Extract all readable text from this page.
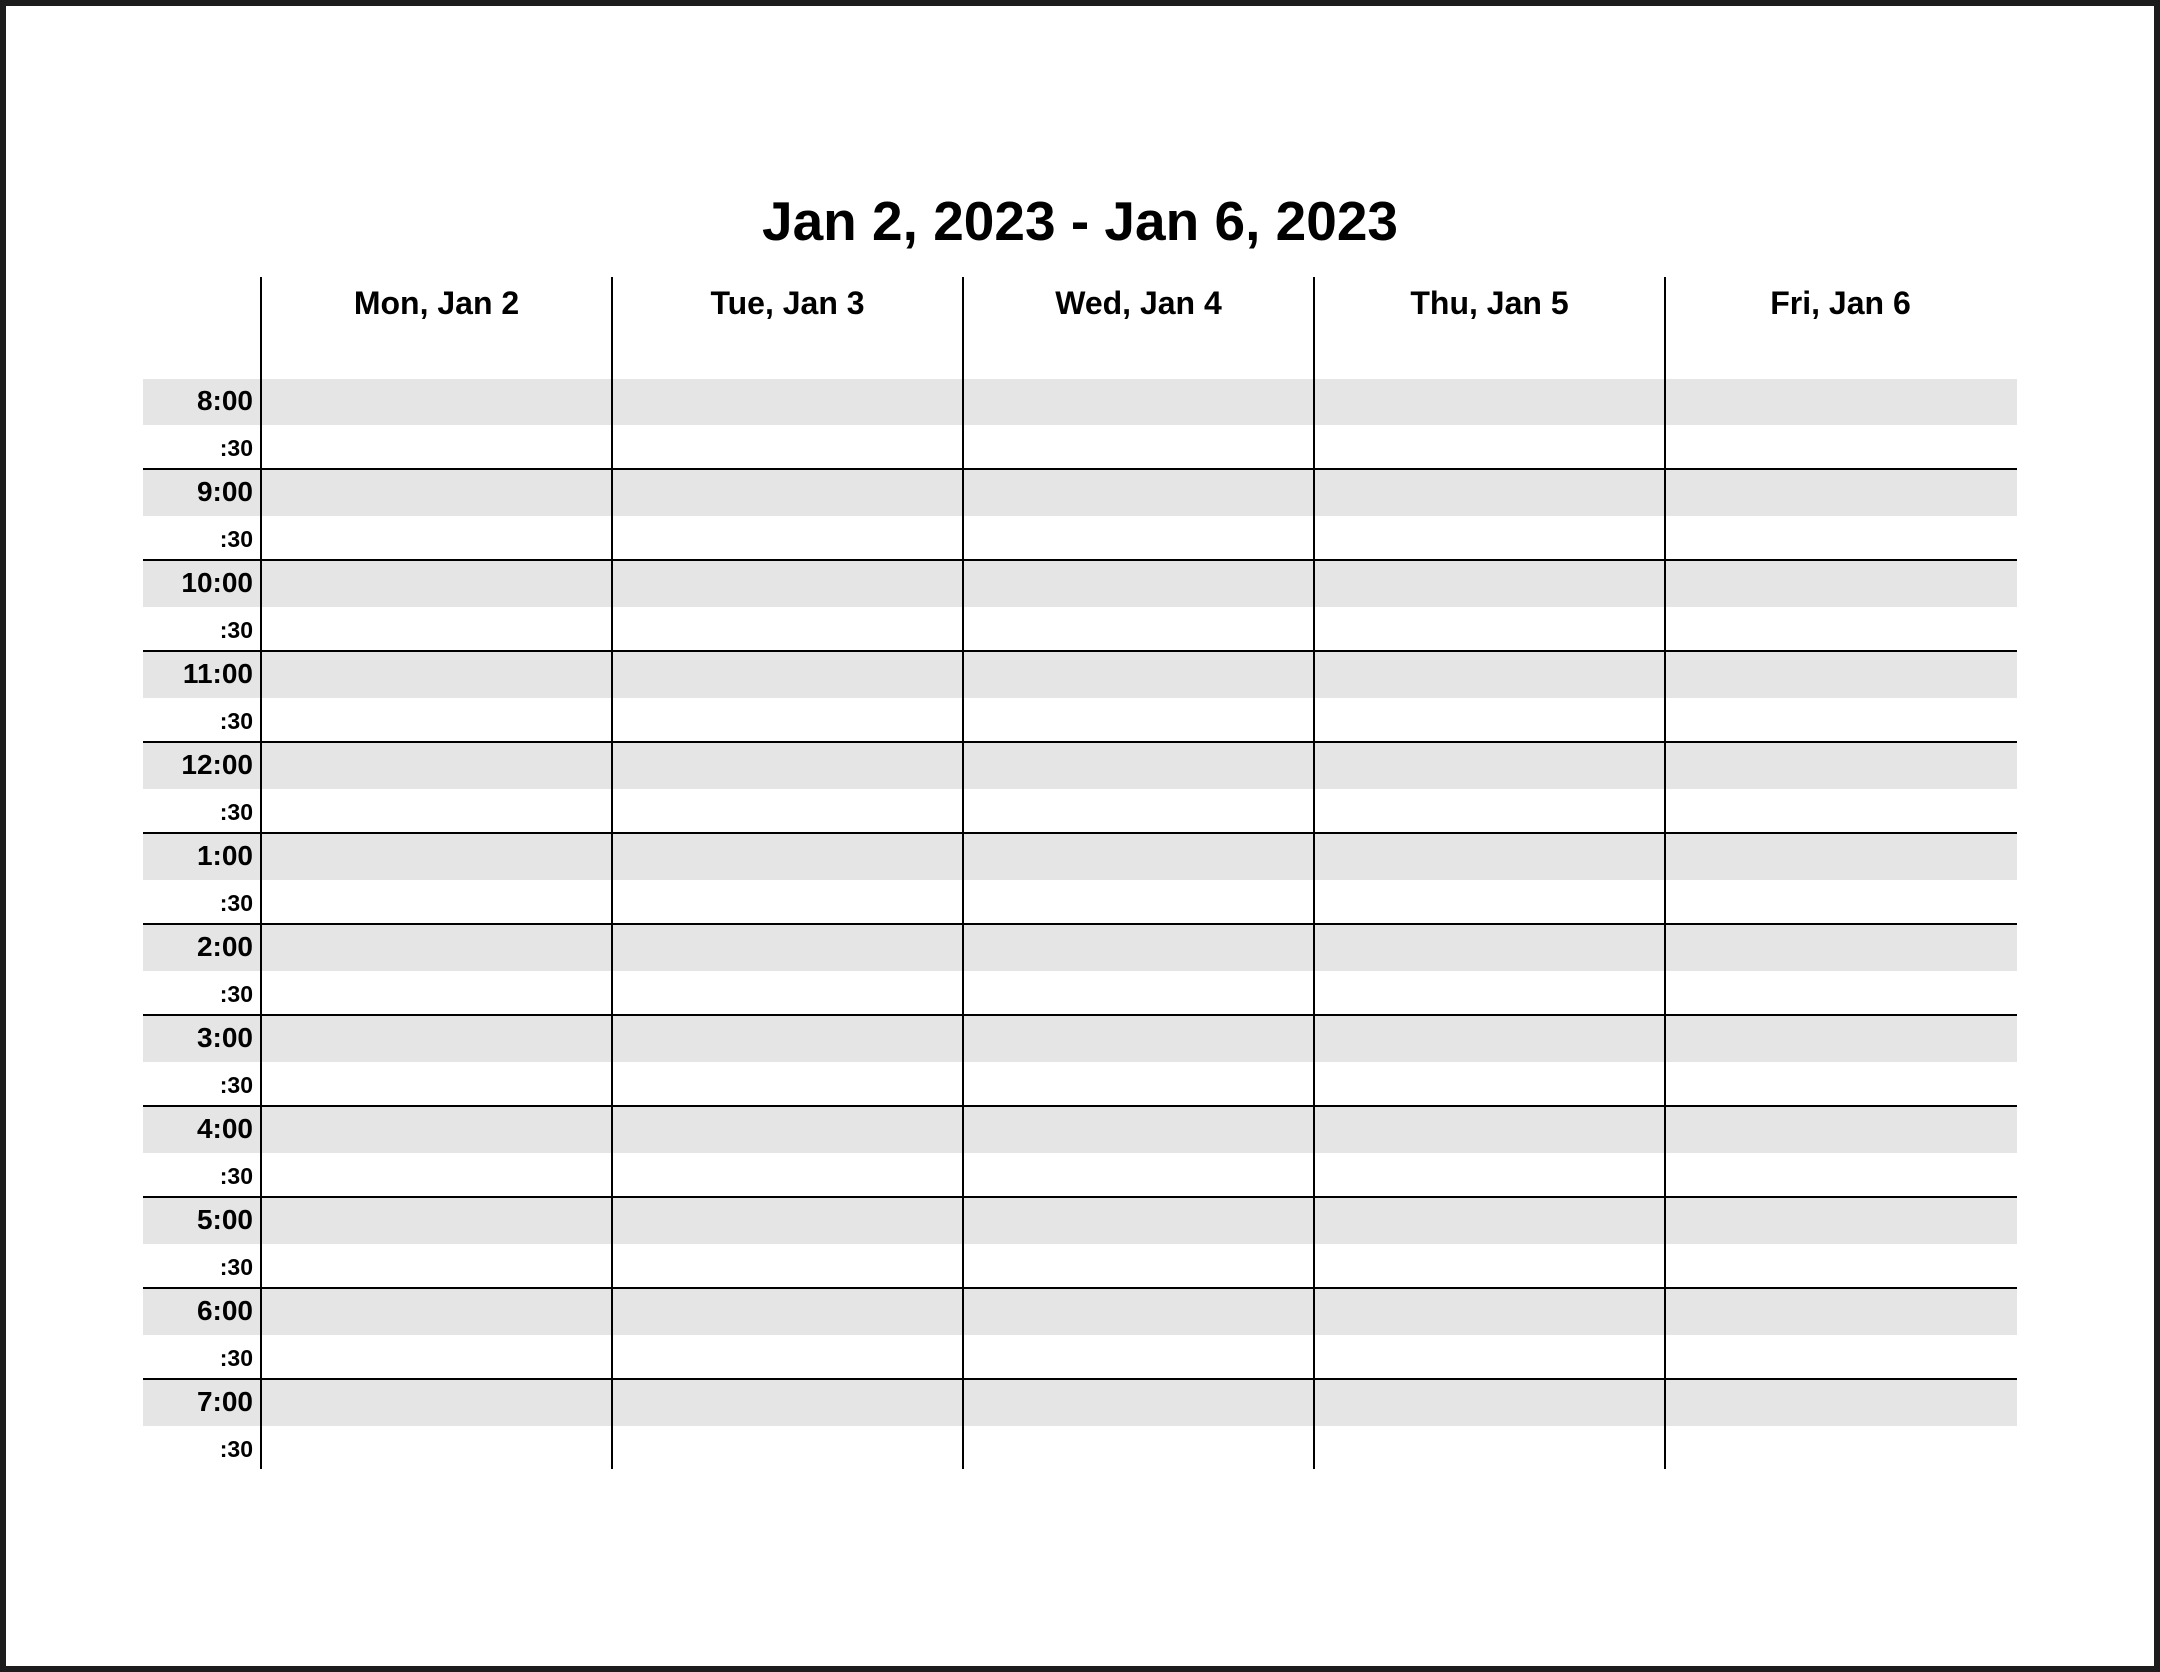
Jan 2, 2023 - Jan 6, 2023
Mon, Jan 2	Tue, Jan 3	Wed, Jan 4	Thu, Jan 5	Fri, Jan 6
8:00
:30
9:00
:30
10:00
:30
11:00
:30
12:00
:30
1:00
:30
2:00
:30
3:00
:30
4:00
:30
5:00
:30
6:00
:30
7:00
:30
